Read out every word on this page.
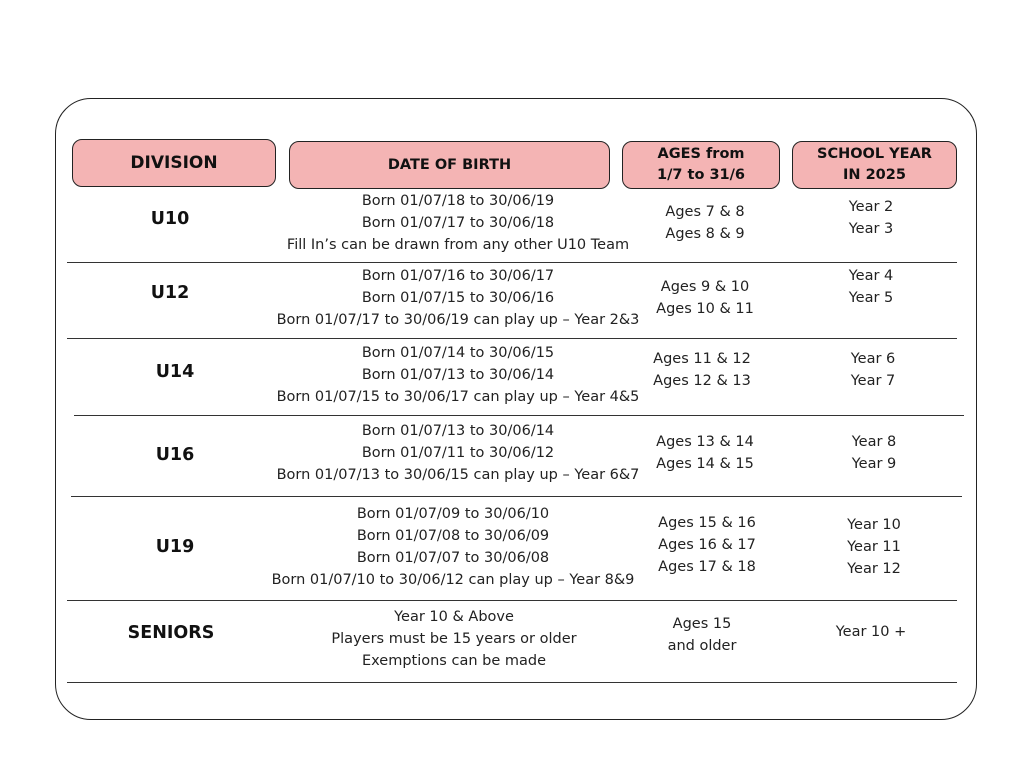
DIVISION	DATE OF BIRTH
AGES from
1/7 to 31/6
SCHOOL YEAR
IN 2025
U10
Born 01/07/18 to 30/06/19
Born 01/07/17 to 30/06/18
Fill In’s can be drawn from any other U10 Team
Ages 7 & 8
Ages 8 & 9
Year 2
Year 3
U12
Born 01/07/16 to 30/06/17
Born 01/07/15 to 30/06/16
Born 01/07/17 to 30/06/19 can play up – Year 2&3
Ages 9 & 10
Ages 10 & 11
Year 4
Year 5
U14
Born 01/07/14 to 30/06/15
Born 01/07/13 to 30/06/14
Born 01/07/15 to 30/06/17 can play up – Year 4&5
Ages 11 & 12
Ages 12 & 13
Year 6
Year 7
U16
Born 01/07/13 to 30/06/14
Born 01/07/11 to 30/06/12
Born 01/07/13 to 30/06/15 can play up – Year 6&7
Ages 13 & 14
Ages 14 & 15
Year 8
Year 9
U19
Born 01/07/09 to 30/06/10
Born 01/07/08 to 30/06/09
Born 01/07/07 to 30/06/08
Born 01/07/10 to 30/06/12 can play up – Year 8&9
Ages 15 & 16
Ages 16 & 17
Ages 17 & 18
Year 10
Year 11
Year 12
SENIORS
Year 10 & Above
Players must be 15 years or older
Exemptions can be made
Ages 15
and older
Year 10 +
